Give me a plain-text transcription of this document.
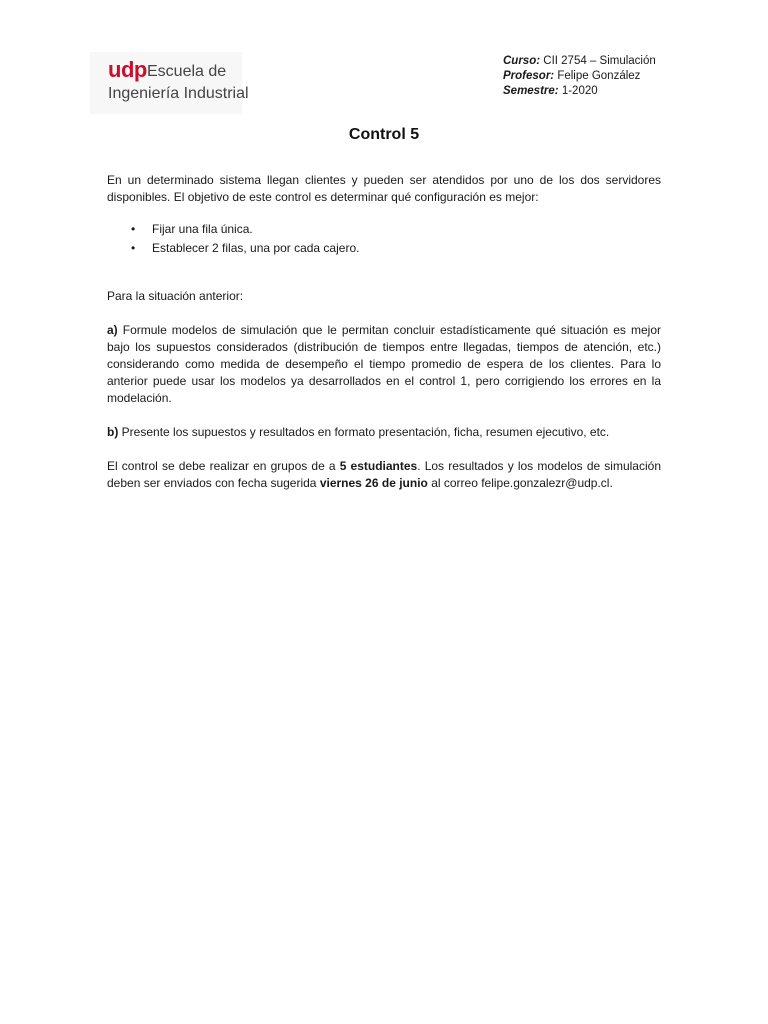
udp Escuela de
Ingeniería Industrial
Curso: CII 2754 – Simulación
Profesor: Felipe González
Semestre: 1-2020
Control 5

En un determinado sistema llegan clientes y pueden ser atendidos por uno de los dos servidores disponibles. El objetivo de este control es determinar qué configuración es mejor:

• Fijar una fila única.
• Establecer 2 filas, una por cada cajero.

Para la situación anterior:

a) Formule modelos de simulación que le permitan concluir estadísticamente qué situación es mejor bajo los supuestos considerados (distribución de tiempos entre llegadas, tiempos de atención, etc.) considerando como medida de desempeño el tiempo promedio de espera de los clientes. Para lo anterior puede usar los modelos ya desarrollados en el control 1, pero corrigiendo los errores en la modelación.

b) Presente los supuestos y resultados en formato presentación, ficha, resumen ejecutivo, etc.

El control se debe realizar en grupos de a 5 estudiantes. Los resultados y los modelos de simulación deben ser enviados con fecha sugerida viernes 26 de junio al correo felipe.gonzalezr@udp.cl.
